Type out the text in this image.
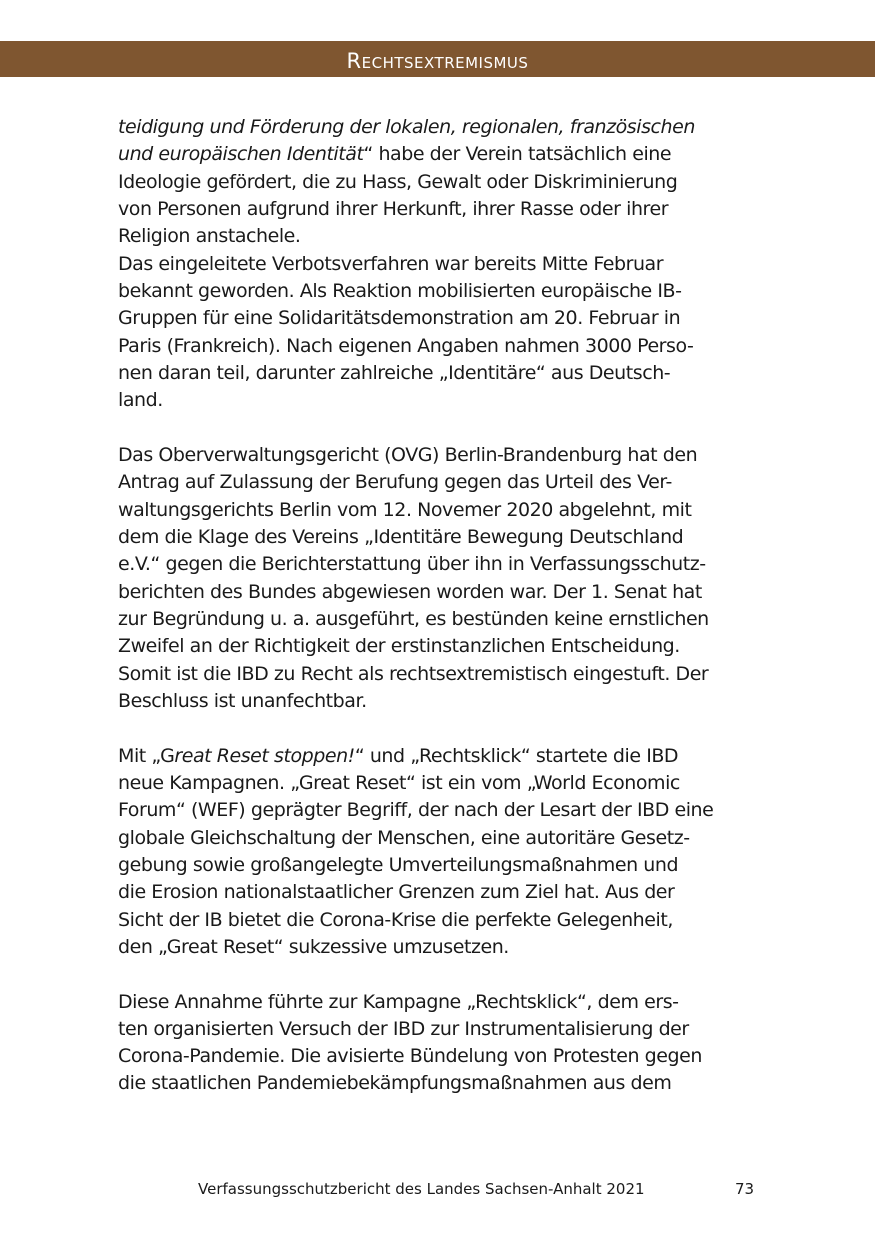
Rechtsextremismus
teidigung und Förderung der lokalen, regionalen, französischen
und europäischen Identität“ habe der Verein tatsächlich eine
Ideologie gefördert, die zu Hass, Gewalt oder Diskriminierung
von Personen aufgrund ihrer Herkunft, ihrer Rasse oder ihrer
Religion anstachele.
Das eingeleitete Verbotsverfahren war bereits Mitte Februar
bekannt geworden. Als Reaktion mobilisierten europäische IB-
Gruppen für eine Solidaritätsdemonstration am 20. Februar in
Paris (Frankreich). Nach eigenen Angaben nahmen 3000 Perso-
nen daran teil, darunter zahlreiche „Identitäre“ aus Deutsch-
land.
Das Oberverwaltungsgericht (OVG) Berlin-Brandenburg hat den
Antrag auf Zulassung der Berufung gegen das Urteil des Ver-
waltungsgerichts Berlin vom 12. Novemer 2020 abgelehnt, mit
dem die Klage des Vereins „Identitäre Bewegung Deutschland
e.V.“ gegen die Berichterstattung über ihn in Verfassungsschutz-
berichten des Bundes abgewiesen worden war. Der 1. Senat hat
zur Begründung u. a. ausgeführt, es bestünden keine ernstlichen
Zweifel an der Richtigkeit der erstinstanzlichen Entscheidung.
Somit ist die IBD zu Recht als rechtsextremistisch eingestuft. Der
Beschluss ist unanfechtbar.
Mit „Great Reset stoppen!“ und „Rechtsklick“ startete die IBD
neue Kampagnen. „Great Reset“ ist ein vom „World Economic
Forum“ (WEF) geprägter Begriff, der nach der Lesart der IBD eine
globale Gleichschaltung der Menschen, eine autoritäre Gesetz-
gebung sowie großangelegte Umverteilungsmaßnahmen und
die Erosion nationalstaatlicher Grenzen zum Ziel hat. Aus der
Sicht der IB bietet die Corona-Krise die perfekte Gelegenheit,
den „Great Reset“ sukzessive umzusetzen.
Diese Annahme führte zur Kampagne „Rechtsklick“, dem ers-
ten organisierten Versuch der IBD zur Instrumentalisierung der
Corona-Pandemie. Die avisierte Bündelung von Protesten gegen
die staatlichen Pandemiebekämpfungsmaßnahmen aus dem
Verfassungsschutzbericht des Landes Sachsen-Anhalt 2021	73
